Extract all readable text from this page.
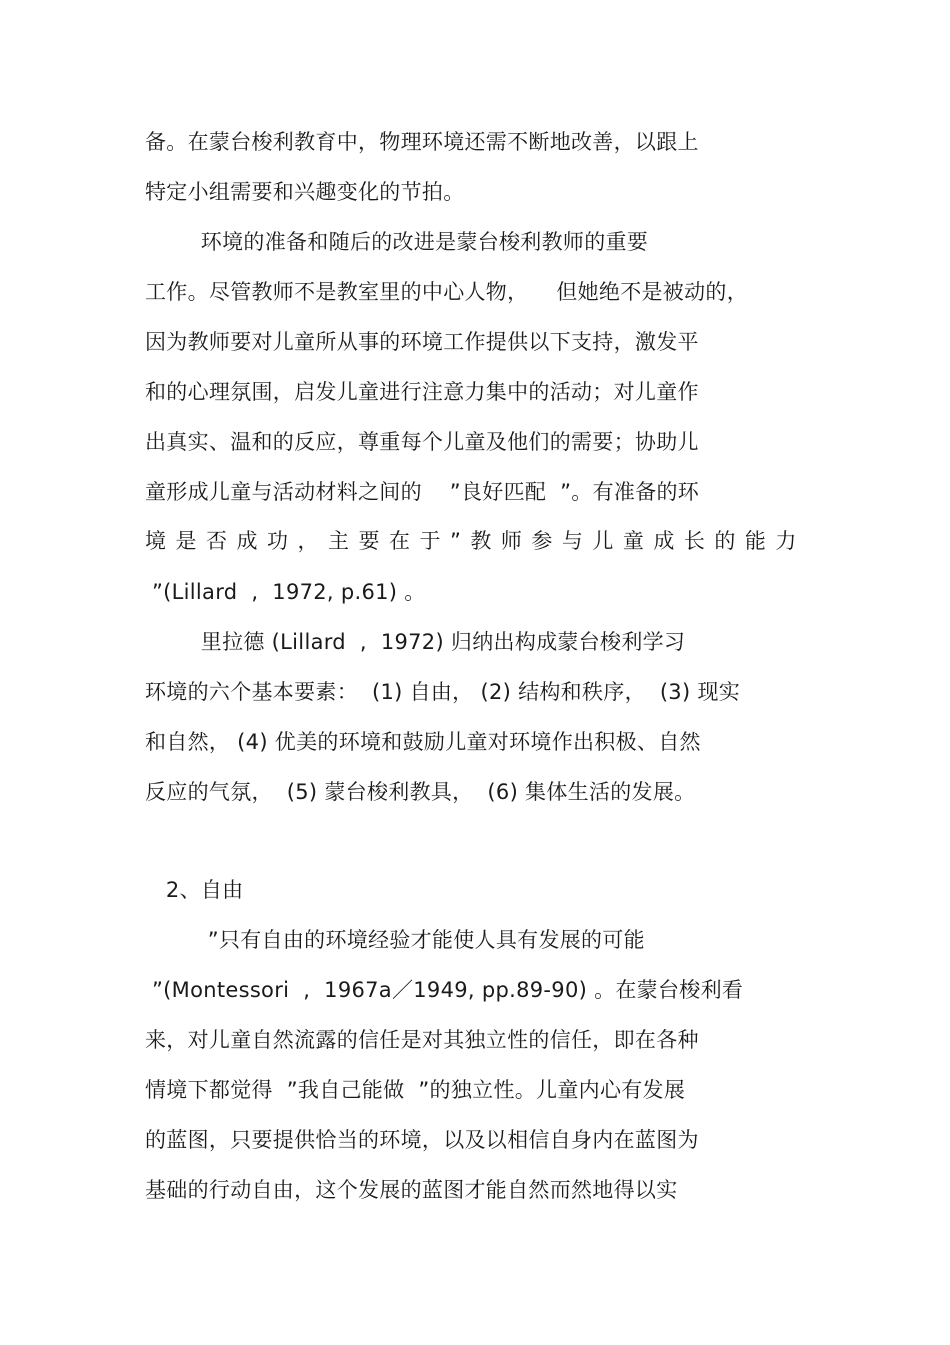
备。在蒙台梭利教育中，物理环境还需不断地改善，以跟上
特定小组需要和兴趣变化的节拍。
环境的准备和随后的改进是蒙台梭利教师的重要
工作。尽管教师不是教室里的中心人物，    但她绝不是被动的，
因为教师要对儿童所从事的环境工作提供以下支持，激发平
和的心理氛围，启发儿童进行注意力集中的活动；对儿童作
出真实、温和的反应，尊重每个儿童及他们的需要；协助儿
童形成儿童与活动材料之间的    ”良好匹配  ”。有准备的环
境是否成功，主要在于”教师参与儿童成长的能力
”(Lillard  ,  1972, p.61) 。
里拉德 (Lillard  ,  1972) 归纳出构成蒙台梭利学习
环境的六个基本要素：  (1) 自由， (2) 结构和秩序，  (3) 现实
和自然， (4) 优美的环境和鼓励儿童对环境作出积极、自然
反应的气氛，  (5) 蒙台梭利教具，  (6) 集体生活的发展。
2、自由
”只有自由的环境经验才能使人具有发展的可能
”(Montessori  ,  1967a／1949, pp.89-90) 。在蒙台梭利看
来，对儿童自然流露的信任是对其独立性的信任，即在各种
情境下都觉得  ”我自己能做  ”的独立性。儿童内心有发展
的蓝图，只要提供恰当的环境，以及以相信自身内在蓝图为
基础的行动自由，这个发展的蓝图才能自然而然地得以实
